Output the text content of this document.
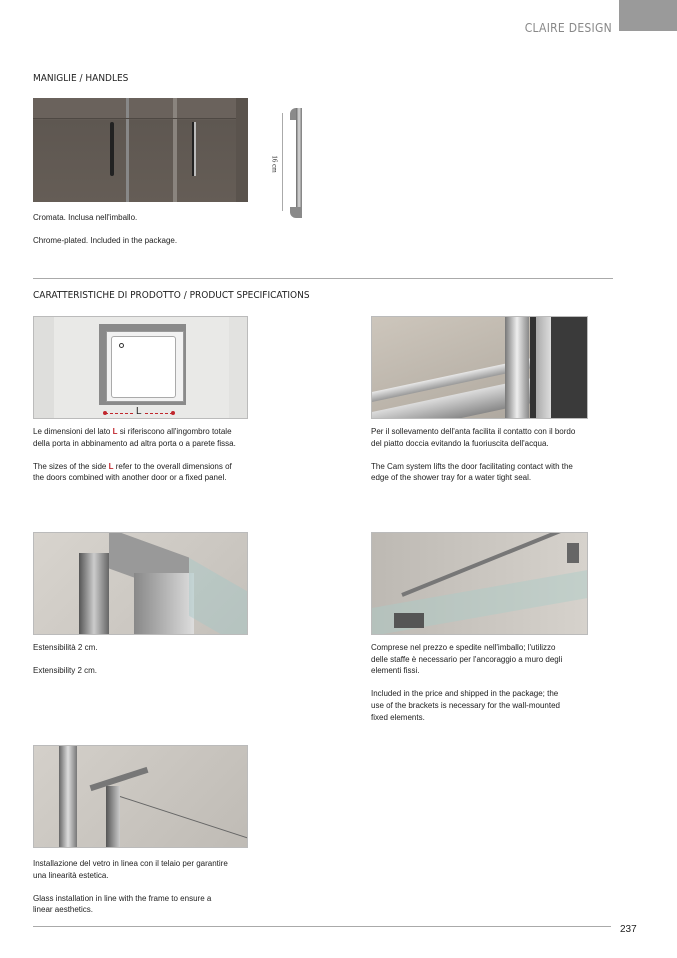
CLAIRE DESIGN
MANIGLIE / HANDLES
16 cm
Cromata. Inclusa nell'imballo.
Chrome-plated. Included in the package.
CARATTERISTICHE DI PRODOTTO / PRODUCT SPECIFICATIONS
L
Le dimensioni del lato L si riferiscono all'ingombro totale
della porta in abbinamento ad altra porta o a parete fissa.
The sizes of the side L refer to the overall dimensions of
the doors combined with another door or a fixed panel.
Per il sollevamento dell'anta facilita il contatto con il bordo
del piatto doccia evitando la fuoriuscita dell'acqua.
The Cam system lifts the door facilitating contact with the
edge of the shower tray for a water tight seal.
Estensibilità 2 cm.
Extensibility 2 cm.
Comprese nel prezzo e spedite nell'imballo; l'utilizzo
delle staffe è necessario per l'ancoraggio a muro degli
elementi fissi.
Included in the price and shipped in the package; the
use of the brackets is necessary for the wall-mounted
fixed elements.
Installazione del vetro in linea con il telaio per garantire
una linearità estetica.
Glass installation in line with the frame to ensure a
linear aesthetics.
237
